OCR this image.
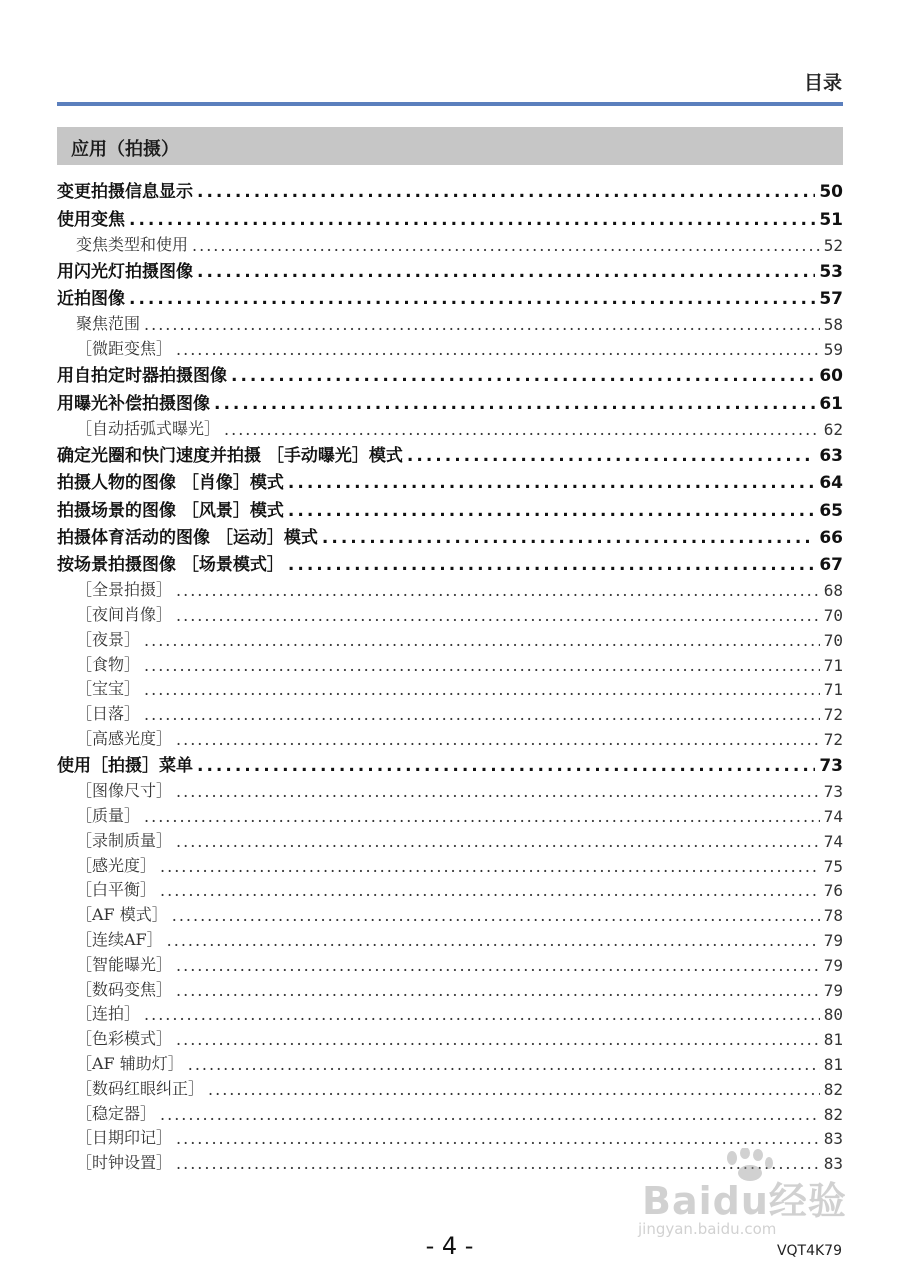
目录
应用（拍摄）
变更拍摄信息显示 .....	50
使用变焦 .....	51
变焦类型和使用 .....	52
用闪光灯拍摄图像 .....	53
近拍图像 .....	57
聚焦范围 .....	58
［微距变焦］ .....	59
用自拍定时器拍摄图像 .....	60
用曝光补偿拍摄图像 .....	61
［自动括弧式曝光］ .....	62
确定光圈和快门速度并拍摄 ［手动曝光］模式 .....	63
拍摄人物的图像 ［肖像］模式 .....	64
拍摄场景的图像 ［风景］模式 .....	65
拍摄体育活动的图像 ［运动］模式 .....	66
按场景拍摄图像 ［场景模式］ .....	67
［全景拍摄］ .....	68
［夜间肖像］ .....	70
［夜景］ .....	70
［食物］ .....	71
［宝宝］ .....	71
［日落］ .....	72
［高感光度］ .....	72
使用［拍摄］菜单 .....	73
［图像尺寸］ .....	73
［质量］ .....	74
［录制质量］ .....	74
［感光度］ .....	75
［白平衡］ .....	76
［AF 模式］ .....	78
［连续AF］ .....	79
［智能曝光］ .....	79
［数码变焦］ .....	79
［连拍］ .....	80
［色彩模式］ .....	81
［AF 辅助灯］ .....	81
［数码红眼纠正］ .....	82
［稳定器］ .....	82
［日期印记］ .....	83
［时钟设置］ .....	83
- 4 -	VQT4K79
Baidu经验
jingyan.baidu.com
